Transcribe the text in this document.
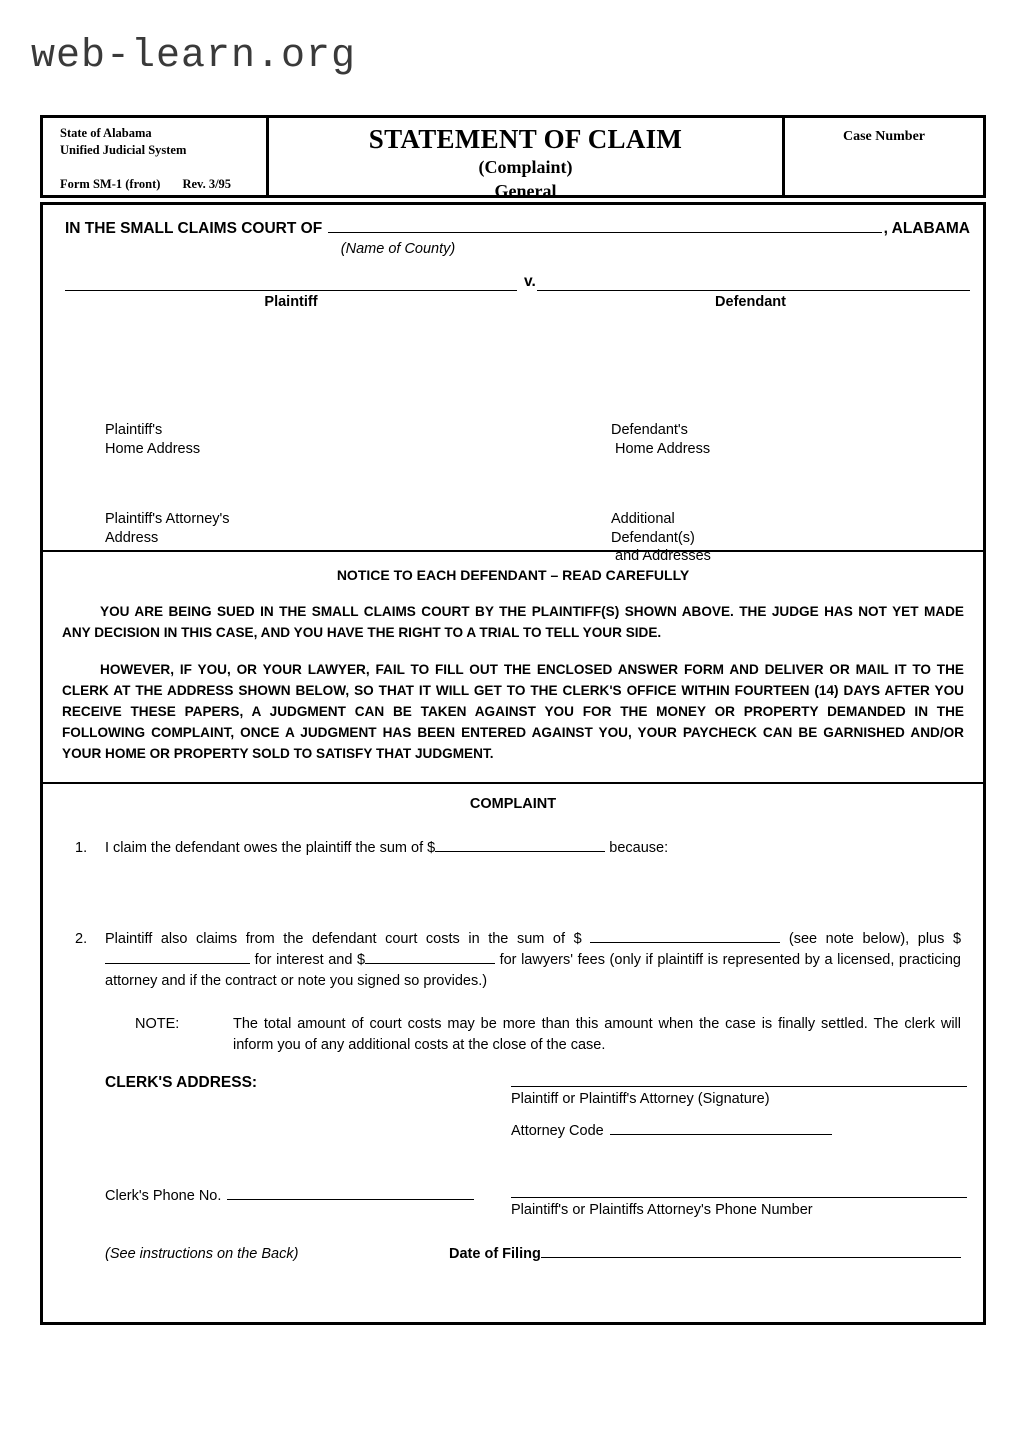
web-learn.org
State of Alabama
Unified Judicial System
Form SM-1 (front) Rev. 3/95
STATEMENT OF CLAIM
(Complaint)
General
Case Number
IN THE SMALL CLAIMS COURT OF	, ALABAMA
(Name of County)
v.
Plaintiff	Defendant
Plaintiff's
Home Address
Defendant's
Home Address
Plaintiff's Attorney's
Address
Additional
Defendant(s)
and Addresses
NOTICE TO EACH DEFENDANT – READ CAREFULLY

YOU ARE BEING SUED IN THE SMALL CLAIMS COURT BY THE PLAINTIFF(S) SHOWN ABOVE. THE JUDGE HAS NOT YET MADE ANY DECISION IN THIS CASE, AND YOU HAVE THE RIGHT TO A TRIAL TO TELL YOUR SIDE.

HOWEVER, IF YOU, OR YOUR LAWYER, FAIL TO FILL OUT THE ENCLOSED ANSWER FORM AND DELIVER OR MAIL IT TO THE CLERK AT THE ADDRESS SHOWN BELOW, SO THAT IT WILL GET TO THE CLERK'S OFFICE WITHIN FOURTEEN (14) DAYS AFTER YOU RECEIVE THESE PAPERS, A JUDGMENT CAN BE TAKEN AGAINST YOU FOR THE MONEY OR PROPERTY DEMANDED IN THE FOLLOWING COMPLAINT, ONCE A JUDGMENT HAS BEEN ENTERED AGAINST YOU, YOUR PAYCHECK CAN BE GARNISHED AND/OR YOUR HOME OR PROPERTY SOLD TO SATISFY THAT JUDGMENT.

COMPLAINT
1.	I claim the defendant owes the plaintiff the sum of $	because:
2.	Plaintiff also claims from the defendant court costs in the sum of $	(see note below), plus $ for interest and $	for lawyers' fees (only if plaintiff is represented by a licensed, practicing attorney and if the contract or note you signed so provides.)
NOTE:	The total amount of court costs may be more than this amount when the case is finally settled. The clerk will inform you of any additional costs at the close of the case.
CLERK'S ADDRESS:
Plaintiff or Plaintiff's Attorney (Signature)
Attorney Code
Plaintiff's or Plaintiffs Attorney's Phone Number
Clerk's Phone No.
(See instructions on the Back)	Date of Filing
